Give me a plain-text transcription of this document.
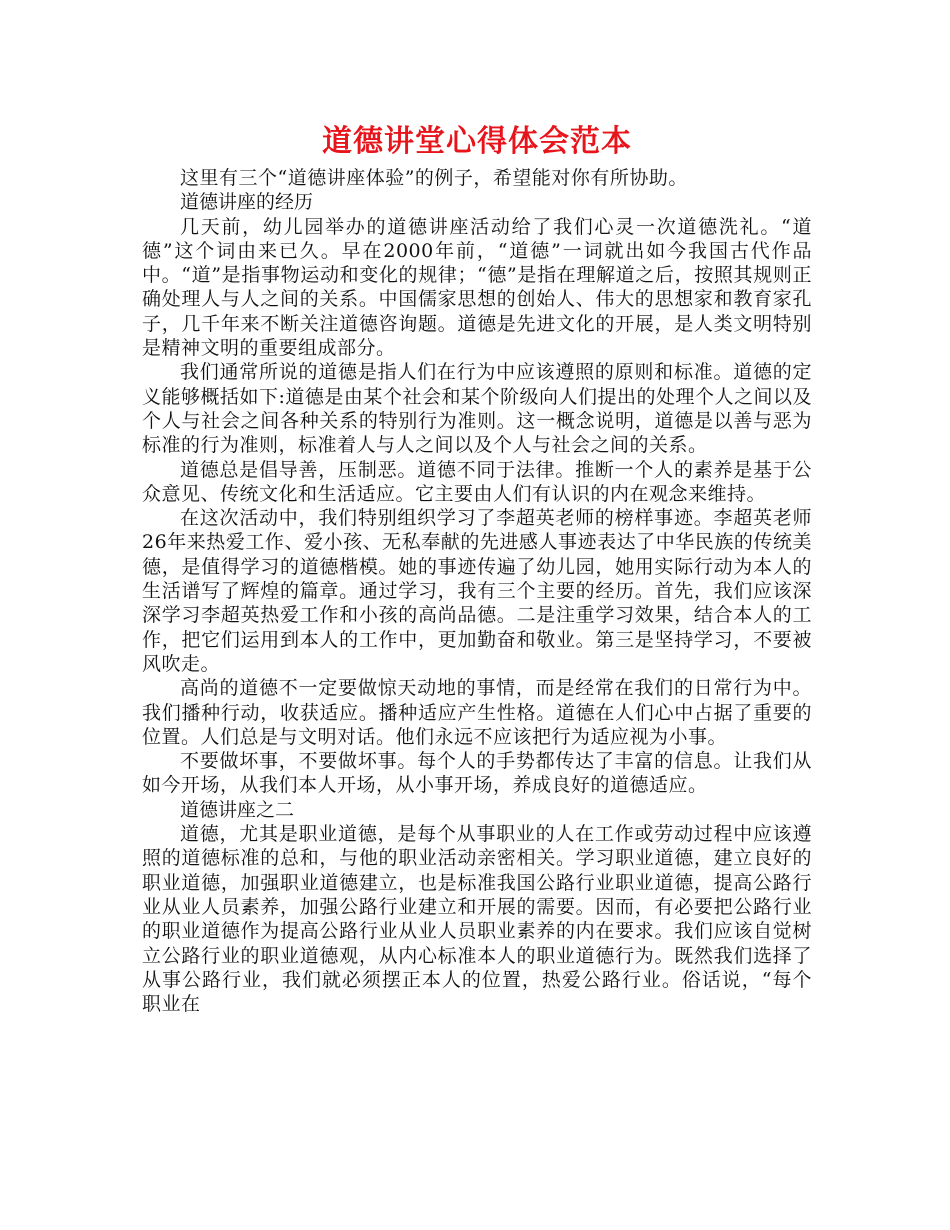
道德讲堂心得体会范本

这里有三个“道德讲座体验”的例子，希望能对你有所协助。

道德讲座的经历

几天前，幼儿园举办的道德讲座活动给了我们心灵一次道德洗礼。“道德”这个词由来已久。早在2000年前，“道德”一词就出如今我国古代作品中。“道”是指事物运动和变化的规律；“德”是指在理解道之后，按照其规则正确处理人与人之间的关系。中国儒家思想的创始人、伟大的思想家和教育家孔子，几千年来不断关注道德咨询题。道德是先进文化的开展，是人类文明特别是精神文明的重要组成部分。

我们通常所说的道德是指人们在行为中应该遵照的原则和标准。道德的定义能够概括如下:道德是由某个社会和某个阶级向人们提出的处理个人之间以及个人与社会之间各种关系的特别行为准则。这一概念说明，道德是以善与恶为标准的行为准则，标准着人与人之间以及个人与社会之间的关系。

道德总是倡导善，压制恶。道德不同于法律。推断一个人的素养是基于公众意见、传统文化和生活适应。它主要由人们有认识的内在观念来维持。

在这次活动中，我们特别组织学习了李超英老师的榜样事迹。李超英老师26年来热爱工作、爱小孩、无私奉献的先进感人事迹表达了中华民族的传统美德，是值得学习的道德楷模。她的事迹传遍了幼儿园，她用实际行动为本人的生活谱写了辉煌的篇章。通过学习，我有三个主要的经历。首先，我们应该深深学习李超英热爱工作和小孩的高尚品德。二是注重学习效果，结合本人的工作，把它们运用到本人的工作中，更加勤奋和敬业。第三是坚持学习，不要被风吹走。

高尚的道德不一定要做惊天动地的事情，而是经常在我们的日常行为中。我们播种行动，收获适应。播种适应产生性格。道德在人们心中占据了重要的位置。人们总是与文明对话。他们永远不应该把行为适应视为小事。

不要做坏事，不要做坏事。每个人的手势都传达了丰富的信息。让我们从如今开场，从我们本人开场，从小事开场，养成良好的道德适应。

道德讲座之二

道德，尤其是职业道德，是每个从事职业的人在工作或劳动过程中应该遵照的道德标准的总和，与他的职业活动亲密相关。学习职业道德，建立良好的职业道德，加强职业道德建立，也是标准我国公路行业职业道德，提高公路行业从业人员素养，加强公路行业建立和开展的需要。因而，有必要把公路行业的职业道德作为提高公路行业从业人员职业素养的内在要求。我们应该自觉树立公路行业的职业道德观，从内心标准本人的职业道德行为。既然我们选择了从事公路行业，我们就必须摆正本人的位置，热爱公路行业。俗话说，“每个职业在
